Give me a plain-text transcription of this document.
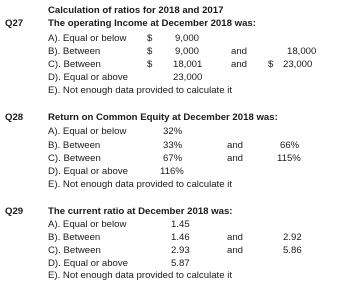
Calculation of ratios for 2018 and 2017
Q27	The operating Income at December 2018 was:
A). Equal or below $ 9,000
B). Between	$ 9,000	and	18,000
C). Between	$ 18,001	and $ 23,000
D). Equal or above	23,000
E). Not enough data provided to calculate it
Q28	Return on Common Equity at December 2018 was:
A). Equal or below	32%
B). Between	33%	and	66%
C). Between	67%	and	115%
D). Equal or above	116%
E). Not enough data provided to calculate it
Q29	The current ratio at December 2018 was:
A). Equal or below	1.45
B). Between	1.46	and	2.92
C). Between	2.93	and	5.86
D). Equal or above	5.87
E). Not enough data provided to calculate it
